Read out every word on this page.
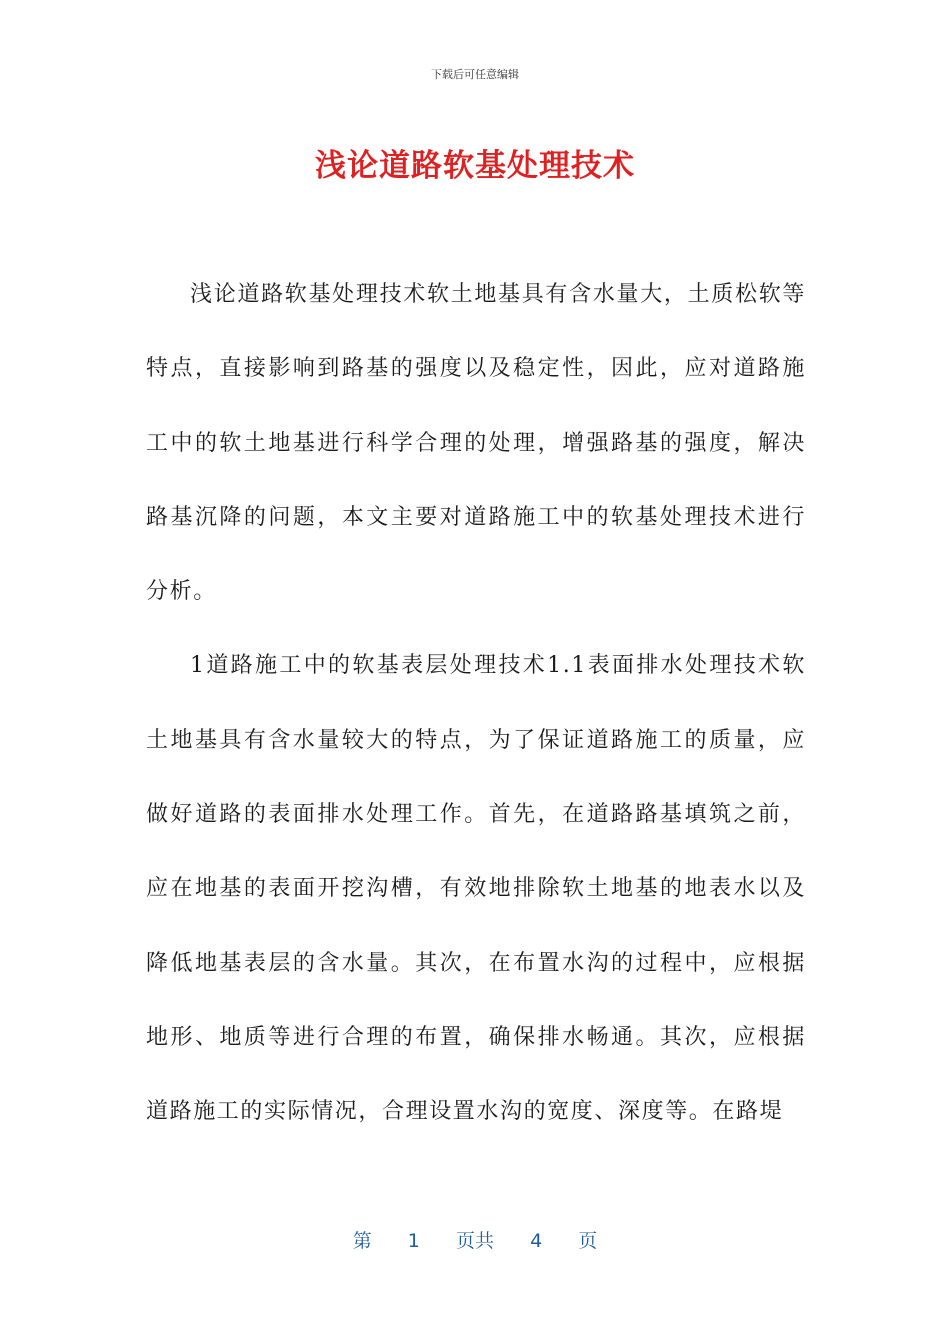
下载后可任意编辑
浅论道路软基处理技术

浅论道路软基处理技术软土地基具有含水量大，土质松软等特点，直接影响到路基的强度以及稳定性，因此，应对道路施工中的软土地基进行科学合理的处理，增强路基的强度，解决路基沉降的问题，本文主要对道路施工中的软基处理技术进行分析。

1道路施工中的软基表层处理技术1.1表面排水处理技术软土地基具有含水量较大的特点，为了保证道路施工的质量，应做好道路的表面排水处理工作。首先，在道路路基填筑之前，应在地基的表面开挖沟槽，有效地排除软土地基的地表水以及降低地基表层的含水量。其次，在布置水沟的过程中，应根据地形、地质等进行合理的布置，确保排水畅通。其次，应根据道路施工的实际情况，合理设置水沟的宽度、深度等。在路堤

第 1 页共 4 页
